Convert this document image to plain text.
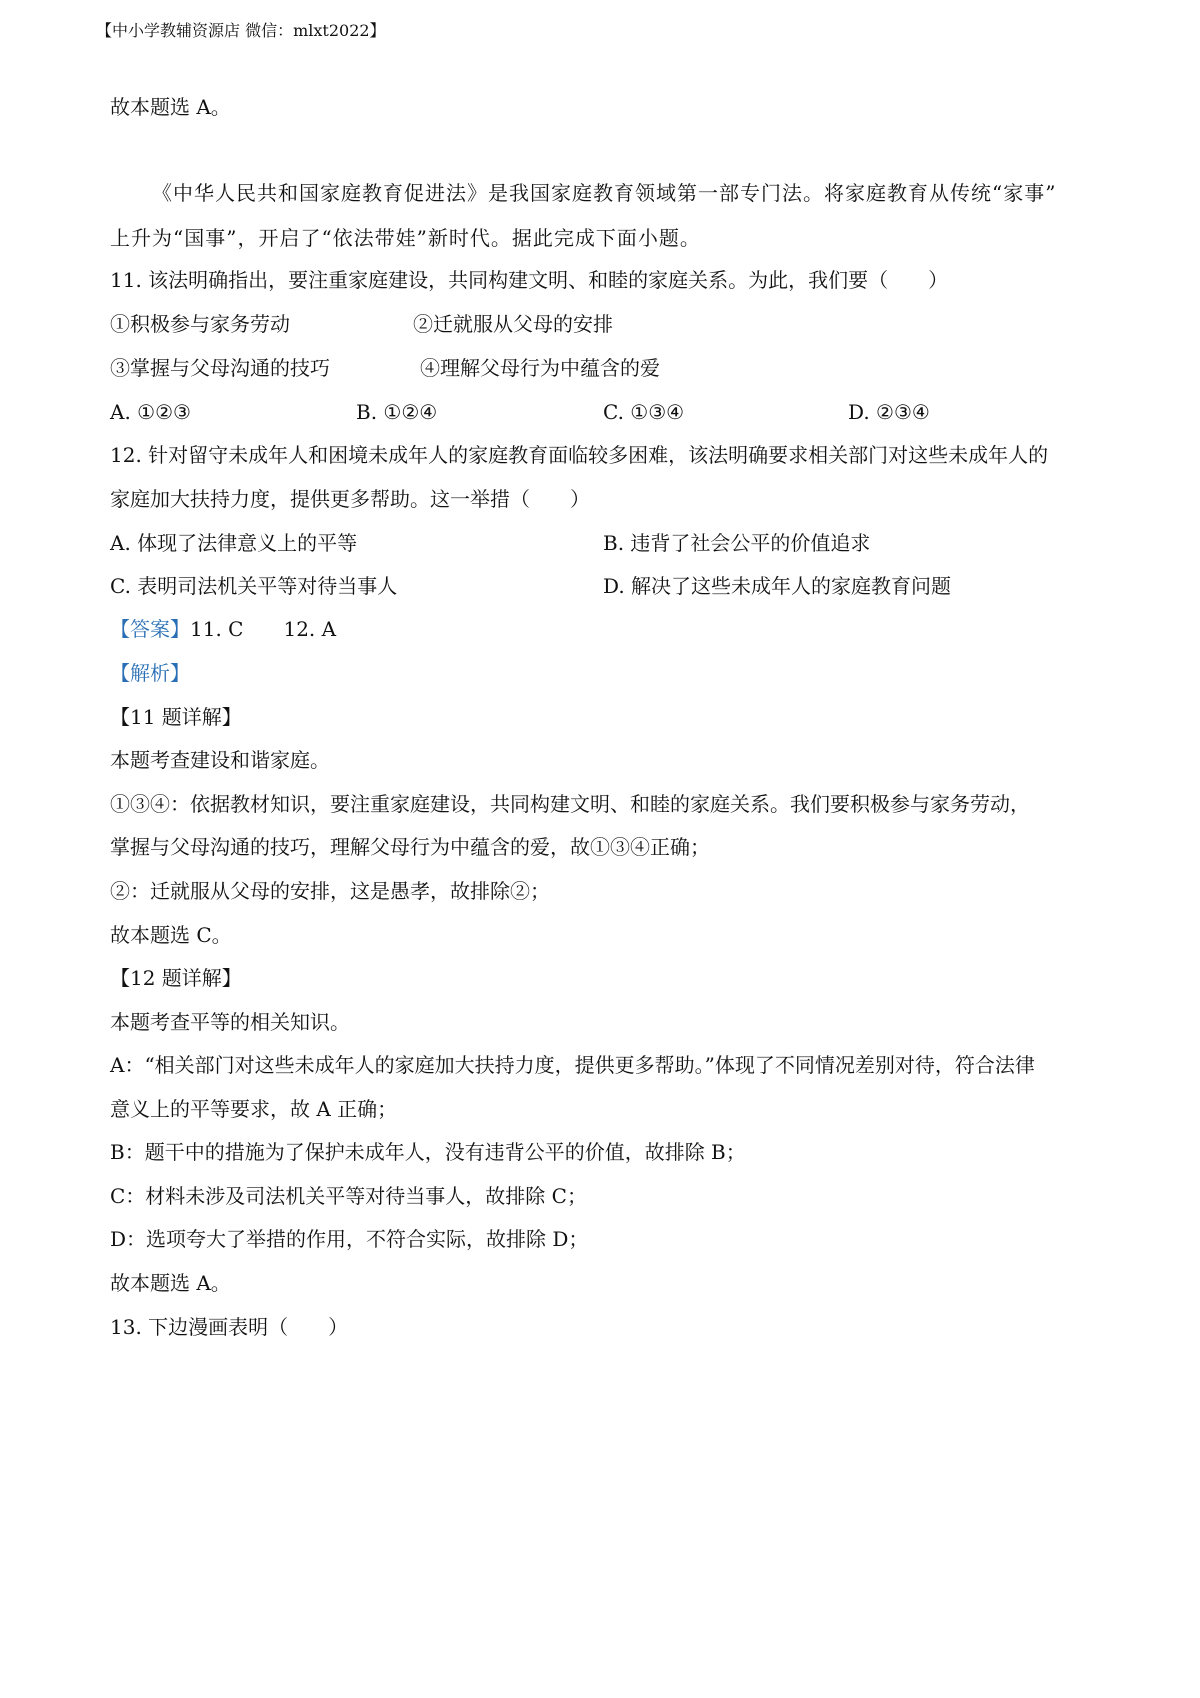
【中小学教辅资源店 微信：mlxt2022】
故本题选 A。
《中华人民共和国家庭教育促进法》是我国家庭教育领域第一部专门法。将家庭教育从传统“家事”
上升为“国事”，开启了“依法带娃”新时代。据此完成下面小题。
11. 该法明确指出，要注重家庭建设，共同构建文明、和睦的家庭关系。为此，我们要（　　）
①积极参与家务劳动	②迁就服从父母的安排
③掌握与父母沟通的技巧	④理解父母行为中蕴含的爱
A. ①②③	B. ①②④	C. ①③④	D. ②③④
12. 针对留守未成年人和困境未成年人的家庭教育面临较多困难，该法明确要求相关部门对这些未成年人的
家庭加大扶持力度，提供更多帮助。这一举措（　　）
A. 体现了法律意义上的平等	B. 违背了社会公平的价值追求
C. 表明司法机关平等对待当事人	D. 解决了这些未成年人的家庭教育问题
【答案】11. C　　12. A
【解析】
【11 题详解】
本题考查建设和谐家庭。
①③④：依据教材知识，要注重家庭建设，共同构建文明、和睦的家庭关系。我们要积极参与家务劳动，
掌握与父母沟通的技巧，理解父母行为中蕴含的爱，故①③④正确；
②：迁就服从父母的安排，这是愚孝，故排除②；
故本题选 C。
【12 题详解】
本题考查平等的相关知识。
A：“相关部门对这些未成年人的家庭加大扶持力度，提供更多帮助。”体现了不同情况差别对待，符合法律
意义上的平等要求，故 A 正确；
B：题干中的措施为了保护未成年人，没有违背公平的价值，故排除 B；
C：材料未涉及司法机关平等对待当事人，故排除 C；
D：选项夸大了举措的作用，不符合实际，故排除 D；
故本题选 A。
13. 下边漫画表明（　　）
